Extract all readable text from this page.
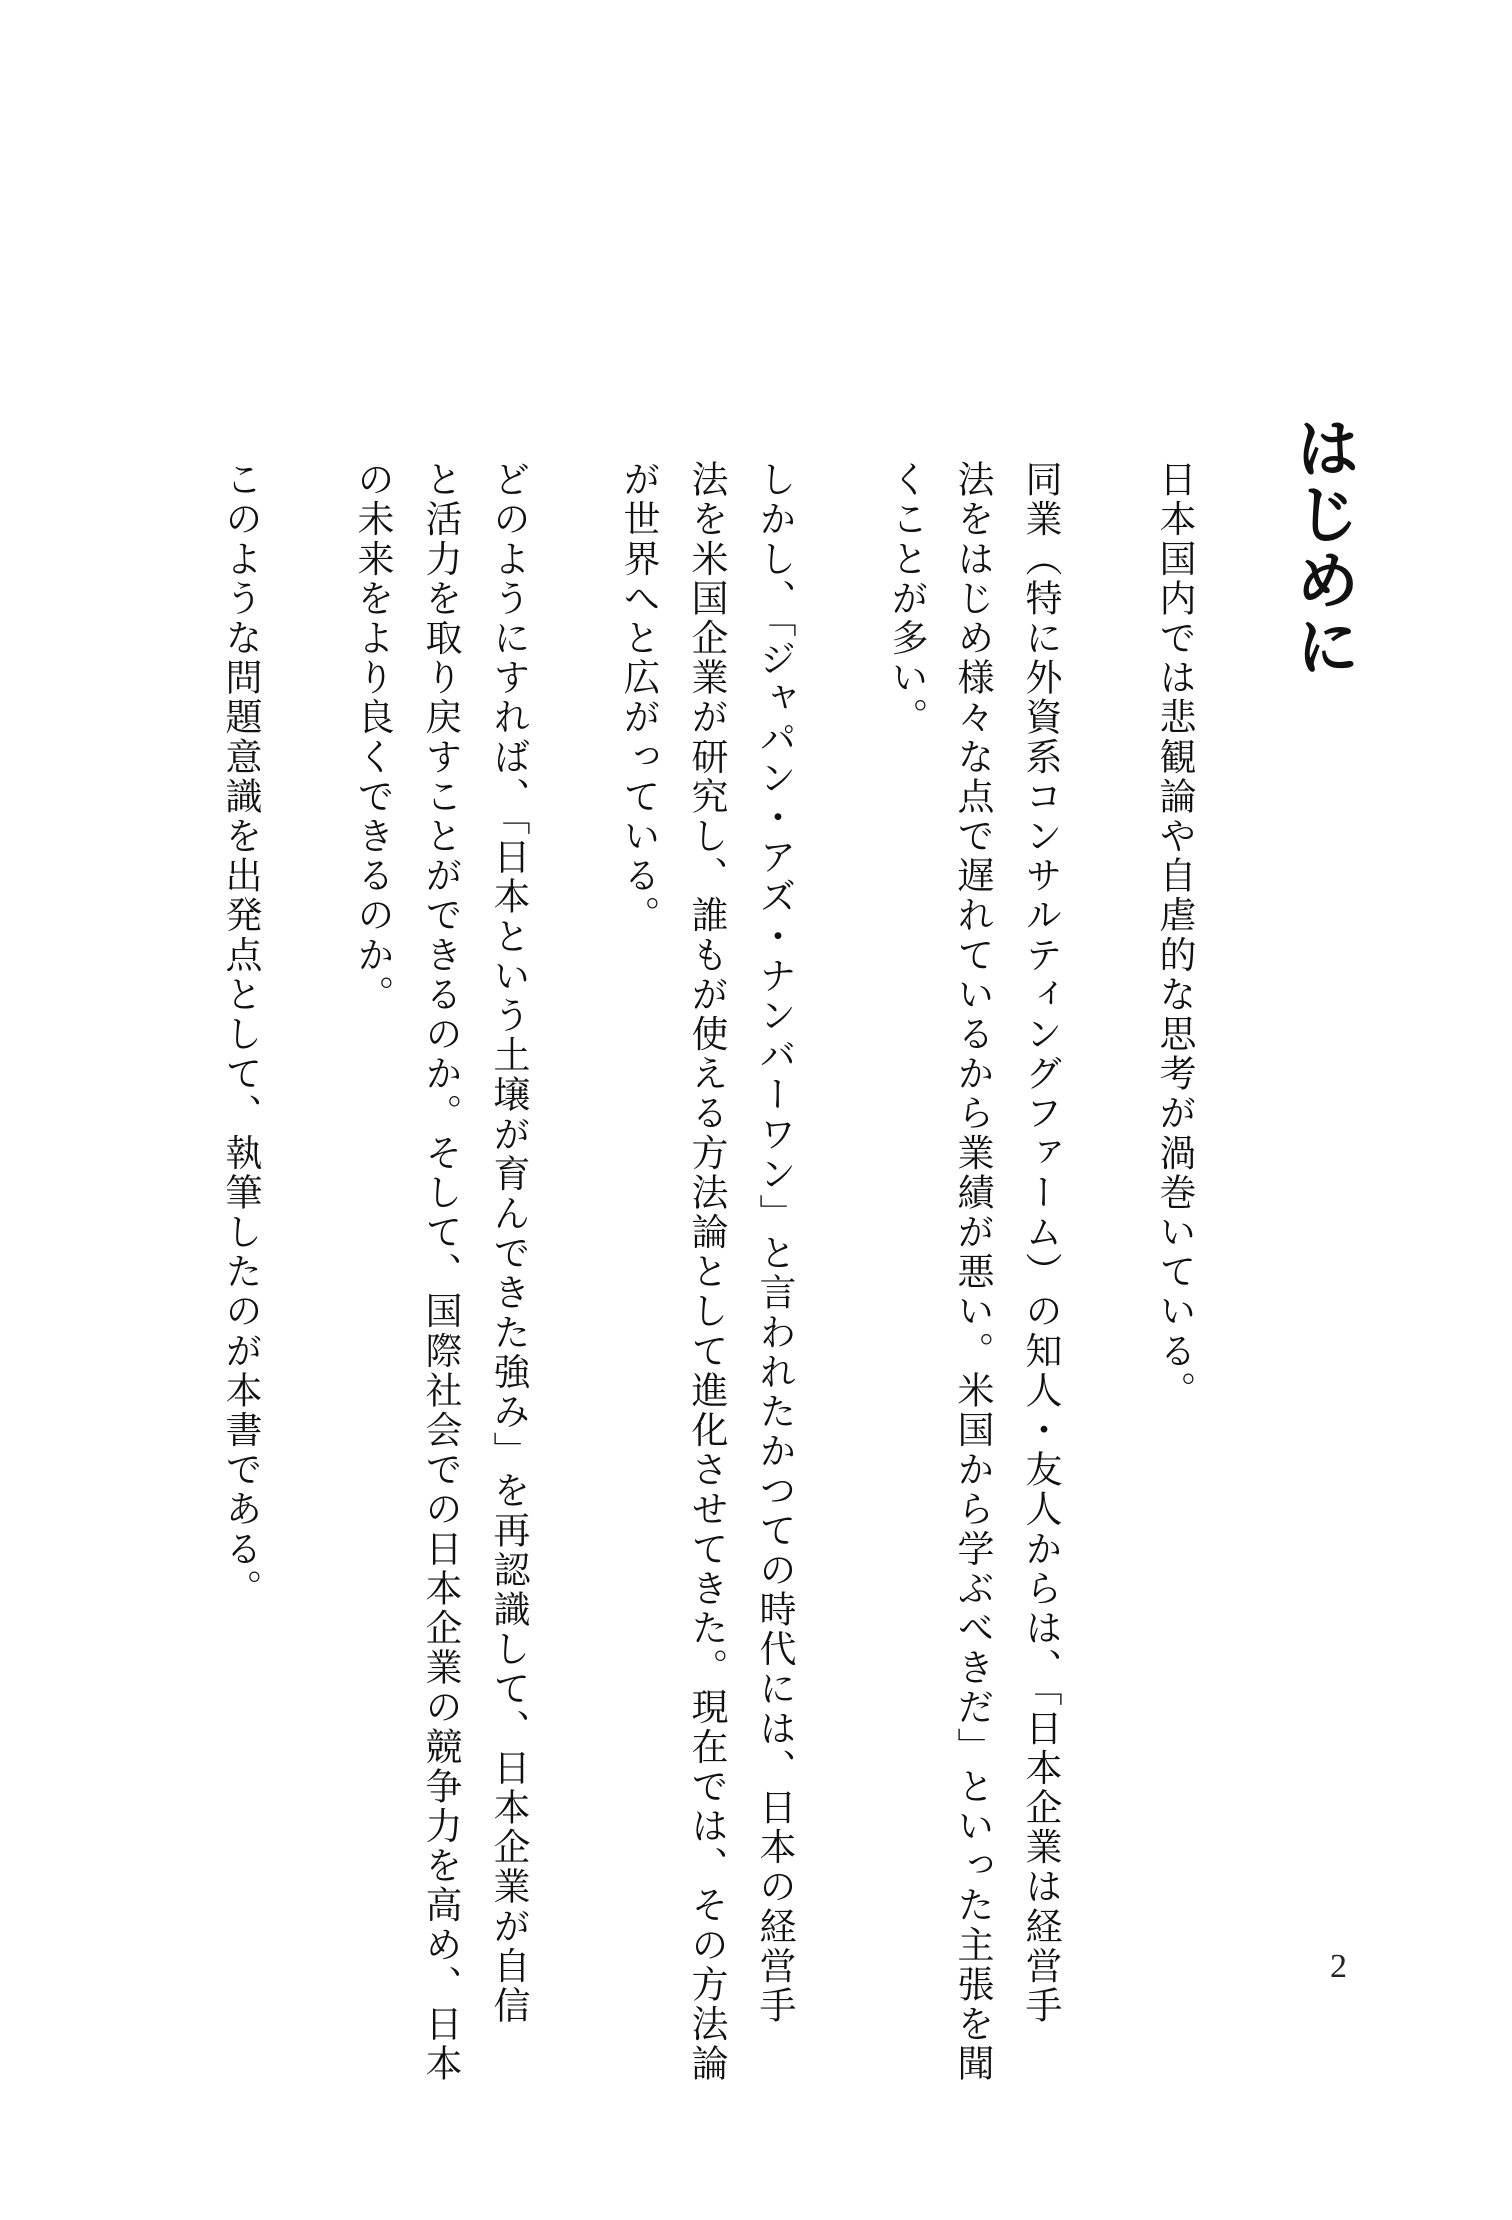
はじめに

日本国内では悲観論や自虐的な思考が渦巻いている。

同業（特に外資系コンサルティングファーム）の知人・友人からは、「日本企業は経営手

法をはじめ様々な点で遅れているから業績が悪い。米国から学ぶべきだ」といった主張を聞

くことが多い。

しかし、「ジャパン・アズ・ナンバーワン」と言われたかつての時代には、日本の経営手

法を米国企業が研究し、誰もが使える方法論として進化させてきた。現在では、その方法論

が世界へと広がっている。

どのようにすれば、「日本という土壌が育んできた強み」を再認識して、日本企業が自信

と活力を取り戻すことができるのか。そして、国際社会での日本企業の競争力を高め、日本

の未来をより良くできるのか。

このような問題意識を出発点として、執筆したのが本書である。

2
